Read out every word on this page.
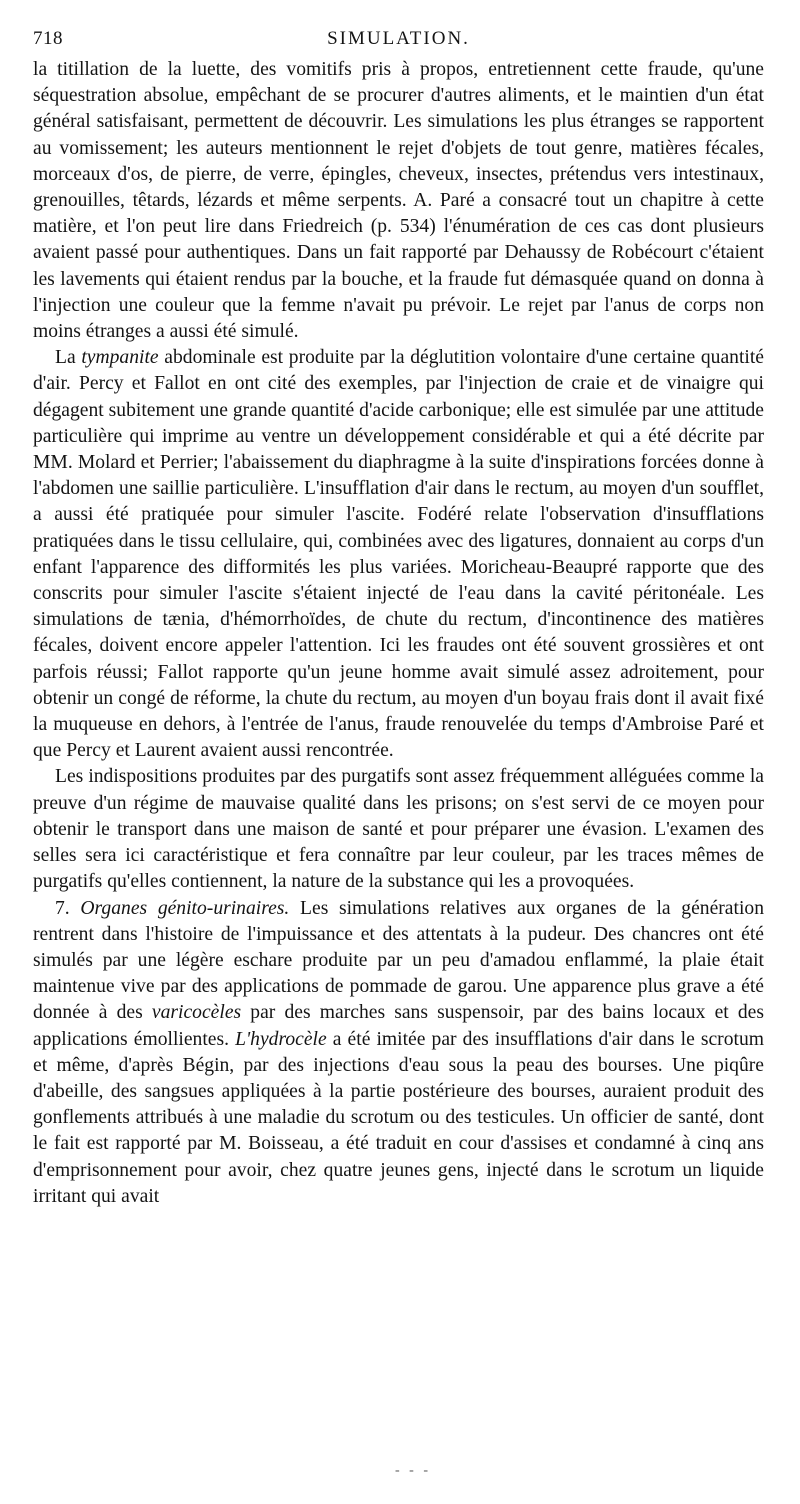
718	SIMULATION.

la titillation de la luette, des vomitifs pris à propos, entretiennent cette fraude, qu'une séquestration absolue, empêchant de se procurer d'autres aliments, et le maintien d'un état général satisfaisant, permettent de découvrir. Les simulations les plus étranges se rapportent au vomissement; les auteurs mentionnent le rejet d'objets de tout genre, matières fécales, morceaux d'os, de pierre, de verre, épingles, cheveux, insectes, prétendus vers intestinaux, grenouilles, têtards, lézards et même serpents. A. Paré a consacré tout un chapitre à cette matière, et l'on peut lire dans Friedreich (p. 534) l'énumération de ces cas dont plusieurs avaient passé pour authentiques. Dans un fait rapporté par Dehaussy de Robécourt c'étaient les lavements qui étaient rendus par la bouche, et la fraude fut démasquée quand on donna à l'injection une couleur que la femme n'avait pu prévoir. Le rejet par l'anus de corps non moins étranges a aussi été simulé.

La tympanite abdominale est produite par la déglutition volontaire d'une certaine quantité d'air. Percy et Fallot en ont cité des exemples, par l'injection de craie et de vinaigre qui dégagent subitement une grande quantité d'acide carbonique; elle est simulée par une attitude particulière qui imprime au ventre un développement considérable et qui a été décrite par MM. Molard et Perrier; l'abaissement du diaphragme à la suite d'inspirations forcées donne à l'abdomen une saillie particulière. L'insufflation d'air dans le rectum, au moyen d'un soufflet, a aussi été pratiquée pour simuler l'ascite. Fodéré relate l'observation d'insufflations pratiquées dans le tissu cellulaire, qui, combinées avec des ligatures, donnaient au corps d'un enfant l'apparence des difformités les plus variées. Moricheau-Beaupré rapporte que des conscrits pour simuler l'ascite s'étaient injecté de l'eau dans la cavité péritonéale. Les simulations de tænia, d'hémorrhoïdes, de chute du rectum, d'incontinence des matières fécales, doivent encore appeler l'attention. Ici les fraudes ont été souvent grossières et ont parfois réussi; Fallot rapporte qu'un jeune homme avait simulé assez adroitement, pour obtenir un congé de réforme, la chute du rectum, au moyen d'un boyau frais dont il avait fixé la muqueuse en dehors, à l'entrée de l'anus, fraude renouvelée du temps d'Ambroise Paré et que Percy et Laurent avaient aussi rencontrée.

Les indispositions produites par des purgatifs sont assez fréquemment alléguées comme la preuve d'un régime de mauvaise qualité dans les prisons; on s'est servi de ce moyen pour obtenir le transport dans une maison de santé et pour préparer une évasion. L'examen des selles sera ici caractéristique et fera connaître par leur couleur, par les traces mêmes de purgatifs qu'elles contiennent, la nature de la substance qui les a provoquées.

7. Organes génito-urinaires. Les simulations relatives aux organes de la génération rentrent dans l'histoire de l'impuissance et des attentats à la pudeur. Des chancres ont été simulés par une légère eschare produite par un peu d'amadou enflammé, la plaie était maintenue vive par des applications de pommade de garou. Une apparence plus grave a été donnée à des varicocèles par des marches sans suspensoir, par des bains locaux et des applications émollientes. L'hydrocèle a été imitée par des insufflations d'air dans le scrotum et même, d'après Bégin, par des injections d'eau sous la peau des bourses. Une piqûre d'abeille, des sangsues appliquées à la partie postérieure des bourses, auraient produit des gonflements attribués à une maladie du scrotum ou des testicules. Un officier de santé, dont le fait est rapporté par M. Boisseau, a été traduit en cour d'assises et condamné à cinq ans d'emprisonnement pour avoir, chez quatre jeunes gens, injecté dans le scrotum un liquide irritant qui avait

- - -
